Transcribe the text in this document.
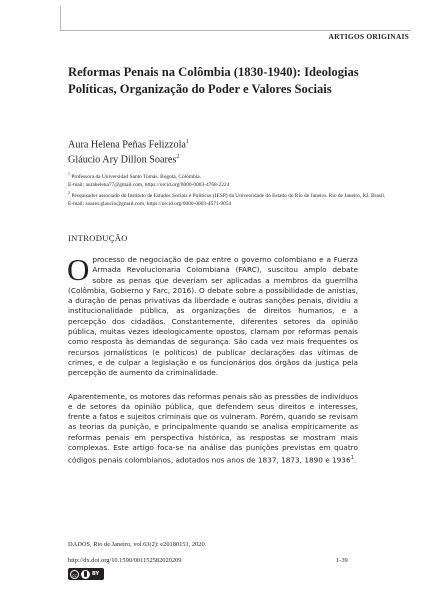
ARTIGOS ORIGINAIS
Reformas Penais na Colômbia (1830-1940): Ideologias Políticas, Organização do Poder e Valores Sociais
Aura Helena Peñas Felizzola$^1$
Gláucio Ary Dillon Soares$^2$

$^1$ Professora da Universidad Santo Tomás. Bogotá, Colômbia.

E-mail: aurahelena77@gmail.com, https://orcid.org/0000-0003-4768-2224

$^2$ Pesquisador associado do Instituto de Estudos Sociais e Políticos (IESP) da Universidade do Estado do Rio de Janeiro. Rio de Janeiro, RJ. Brasil.

E-mail: soares.glaucio@gmail.com, https://orcid.org/0000-0003-4571-9054

INTRODUÇÃO

Oprocesso de negociação de paz entre o governo colombiano e a Fuerza Armada Revolucionaria Colombiana (FARC), suscitou amplo debate sobre as penas que deveriam ser aplicadas a membros da guerrilha (Colômbia, Gobierno y Farc, 2016). O debate sobre a possibilidade de anistias, a duração de penas privativas da liberdade e outras sanções penais, dividiu a institucionalidade pública, as organizações de direitos humanos, e a percepção dos cidadãos. Constantemente, diferentes setores da opinião pública, muitas vezes ideologicamente opostos, clamam por reformas penais como resposta às demandas de segurança. São cada vez mais frequentes os recursos jornalísticos (e políticos) de publicar declarações das vítimas de crimes, e de culpar a legislação e os funcionários dos órgãos da justiça pela percepção de aumento da criminalidade.

Aparentemente, os motores das reformas penais são as pressões de indivíduos e de setores da opinião pública, que defendem seus direitos e interesses, frente a fatos e sujeitos criminais que os vulneram. Porém, quando se revisam as teorias da punição, e principalmente quando se analisa empiricamente as reformas penais em perspectiva histórica, as respostas se mostram mais complexas. Este artigo foca-se na análise das punições previstas em quatro códigos penais colombianos, adotados nos anos de 1837, 1873, 1890 e 1936$^1$.

DADOS, Rio de Janeiro, vol.63(2): e20180151, 2020.
http://dx.doi.org/10.1590/001152582020209	1-39
cc	BY
